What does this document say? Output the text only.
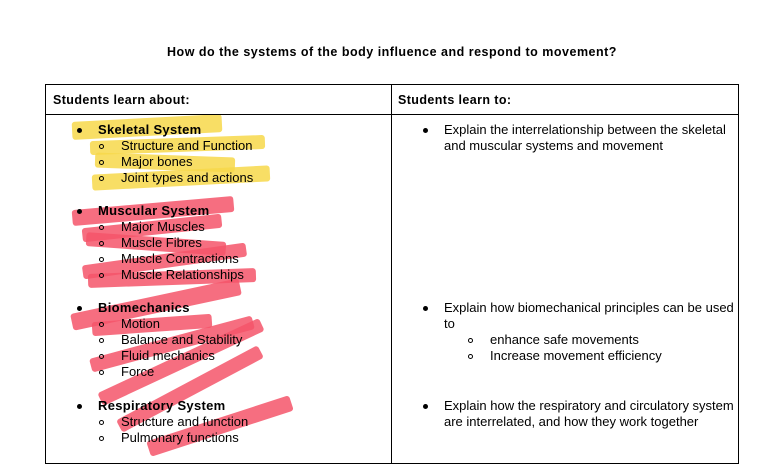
How do the systems of the body influence and respond to movement?

Students learn about:	Students learn to:

Skeletal System
Structure and Function
Major bones
Joint types and actions
Muscular System
Major Muscles
Muscle Fibres
Muscle Contractions
Muscle Relationships
Biomechanics
Motion
Balance and Stability
Fluid mechanics
Force
Respiratory System
Structure and function
Pulmonary functions
Explain the interrelationship between the skeletal and muscular systems and movement
Explain how biomechanical principles can be used to
enhance safe movements
Increase movement efficiency
Explain how the respiratory and circulatory system are interrelated, and how they work together
